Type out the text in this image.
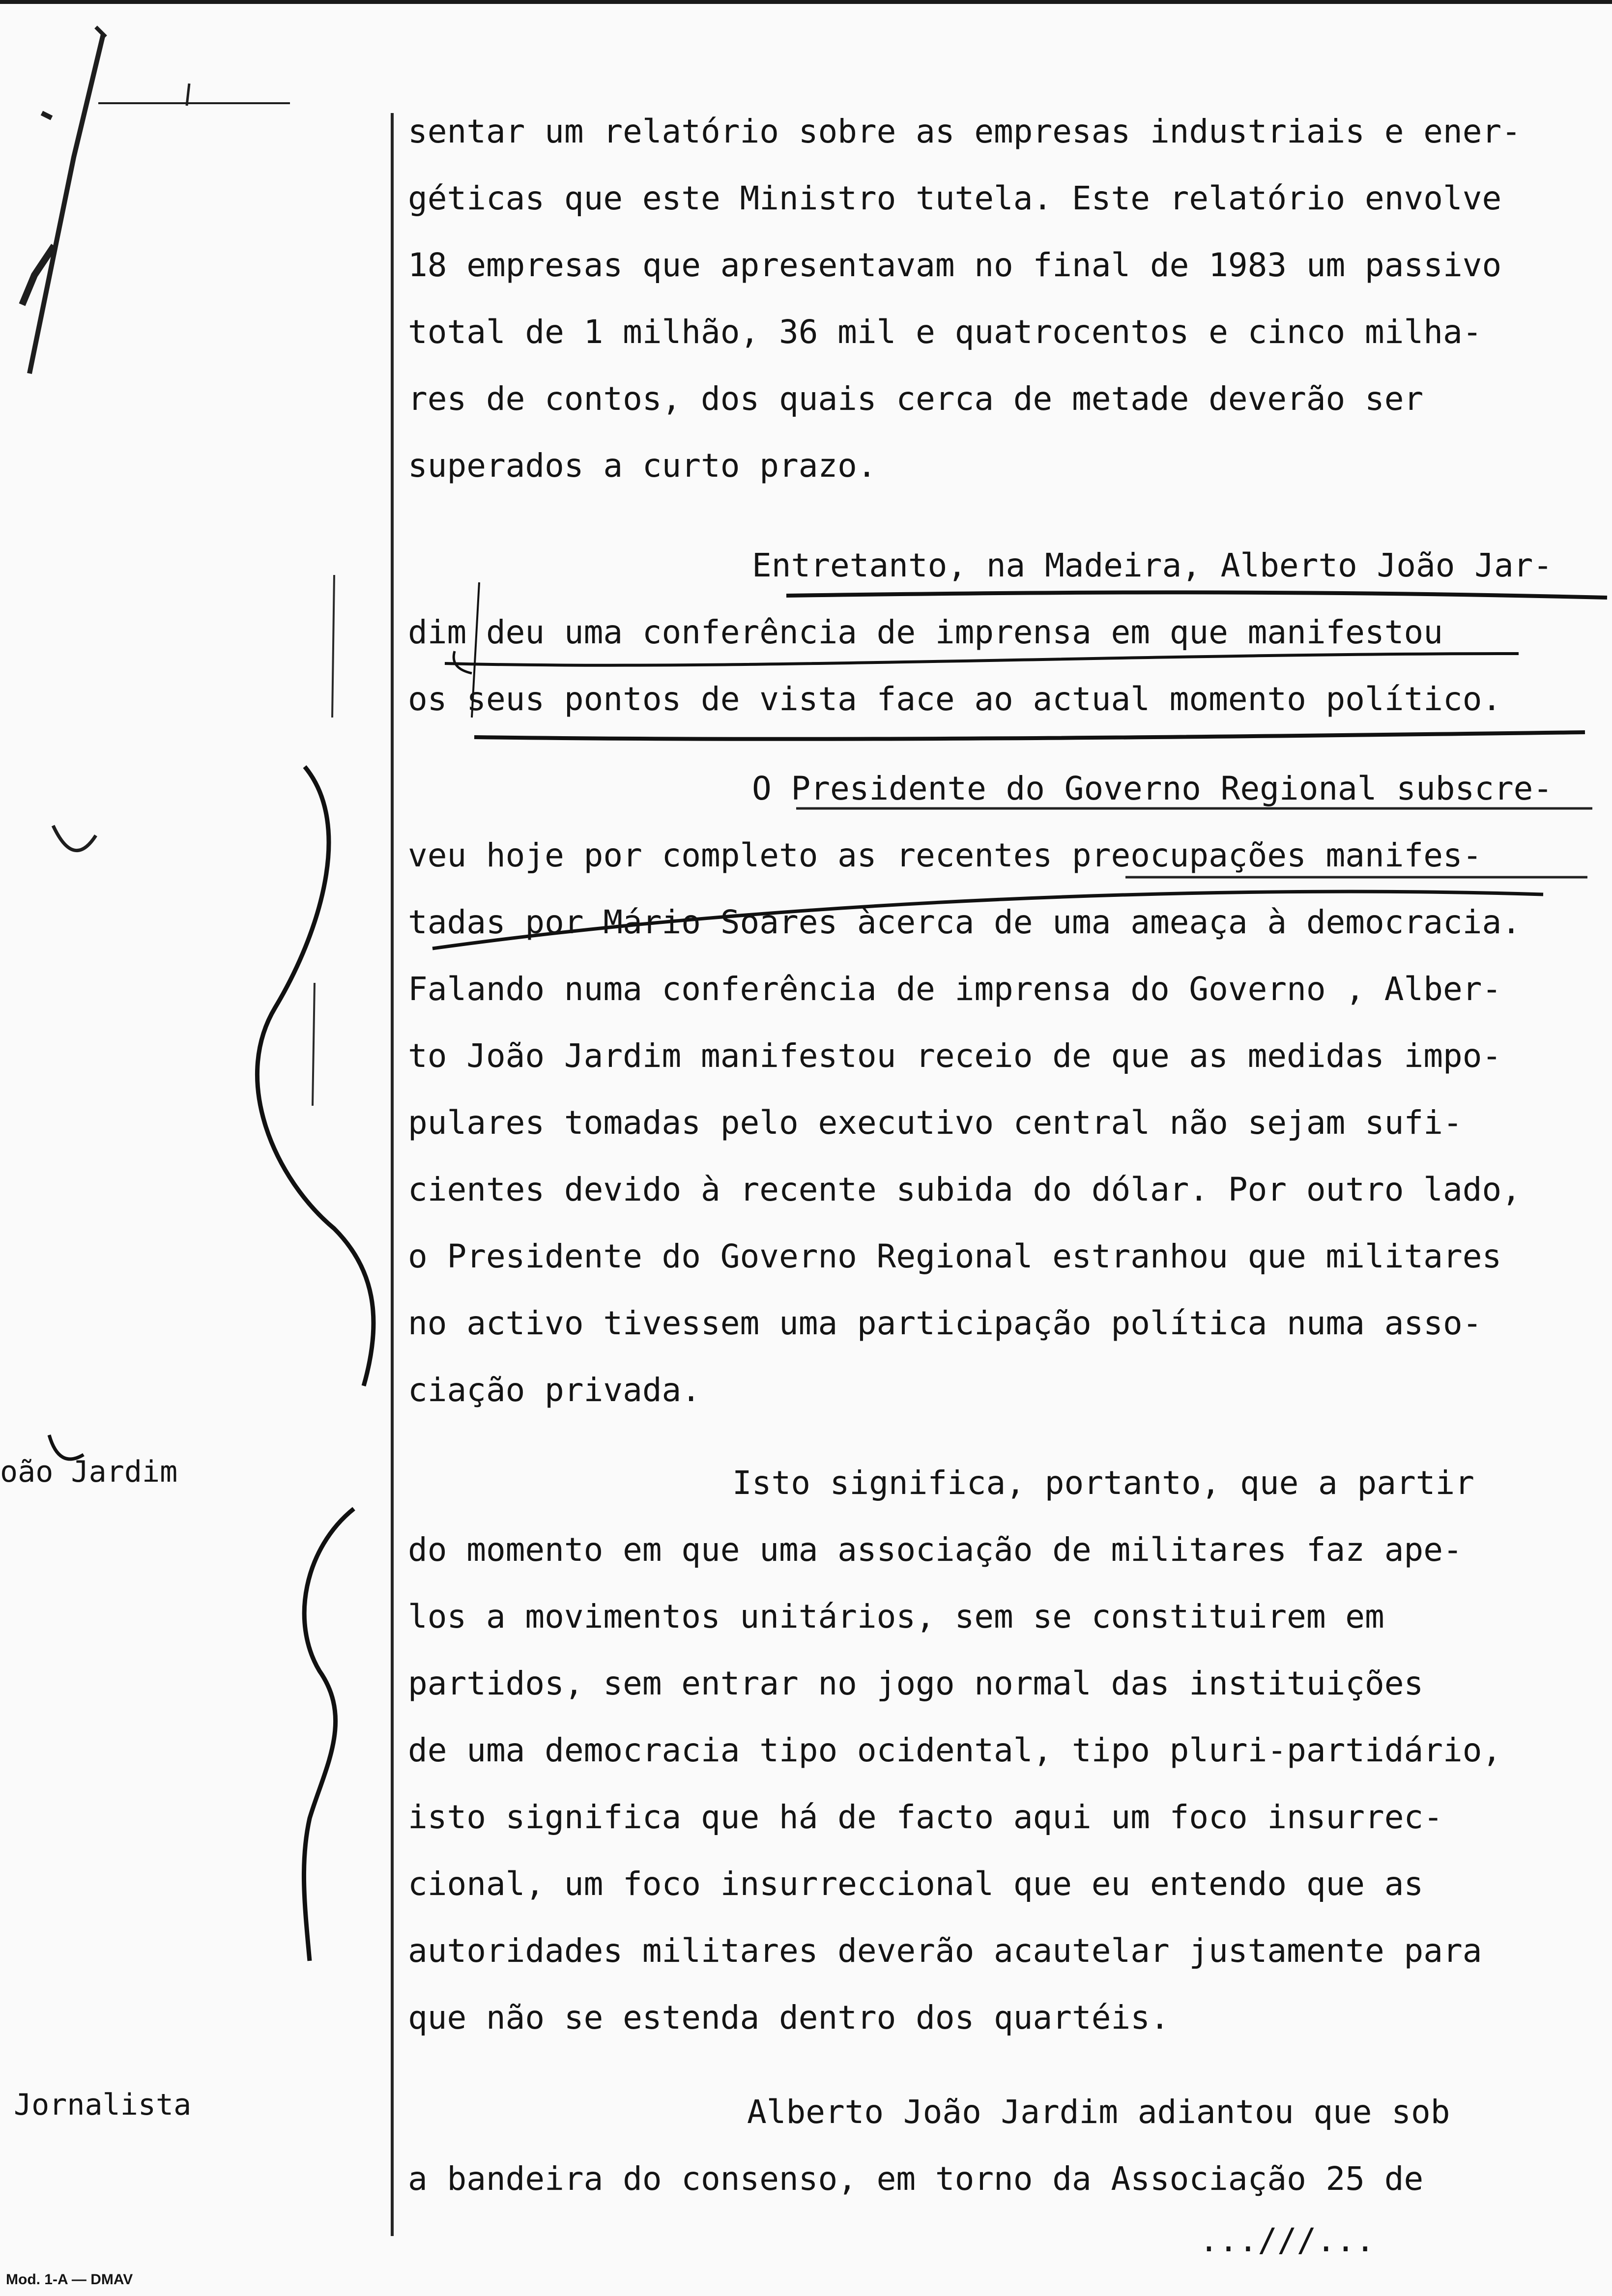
sentar um relatório sobre as empresas industriais e ener-
géticas que este Ministro tutela. Este relatório envolve
18 empresas que apresentavam no final de 1983 um passivo
total de 1 milhão, 36 mil e quatrocentos e cinco milha-
res de contos, dos quais cerca de metade deverão ser
superados a curto prazo.
Entretanto, na Madeira, Alberto João Jar-
dim deu uma conferência de imprensa em que manifestou
os seus pontos de vista face ao actual momento político.
O Presidente do Governo Regional subscre-
veu hoje por completo as recentes preocupações manifes-
tadas por Mário Soares àcerca de uma ameaça à democracia.
Falando numa conferência de imprensa do Governo , Alber-
to João Jardim manifestou receio de que as medidas impo-
pulares tomadas pelo executivo central não sejam sufi-
cientes devido à recente subida do dólar. Por outro lado,
o Presidente do Governo Regional estranhou que militares
no activo tivessem uma participação política numa asso-
ciação privada.
Isto significa, portanto, que a partir
do momento em que uma associação de militares faz ape-
los a movimentos unitários, sem se constituirem em
partidos, sem entrar no jogo normal das instituições
de uma democracia tipo ocidental, tipo pluri-partidário,
isto significa que há de facto aqui um foco insurrec-
cional, um foco insurreccional que eu entendo que as
autoridades militares deverão acautelar justamente para
que não se estenda dentro dos quartéis.
Alberto João Jardim adiantou que sob
a bandeira do consenso, em torno da Associação 25 de
oão Jardim
Jornalista
...///...
Mod. 1-A — DMAV
